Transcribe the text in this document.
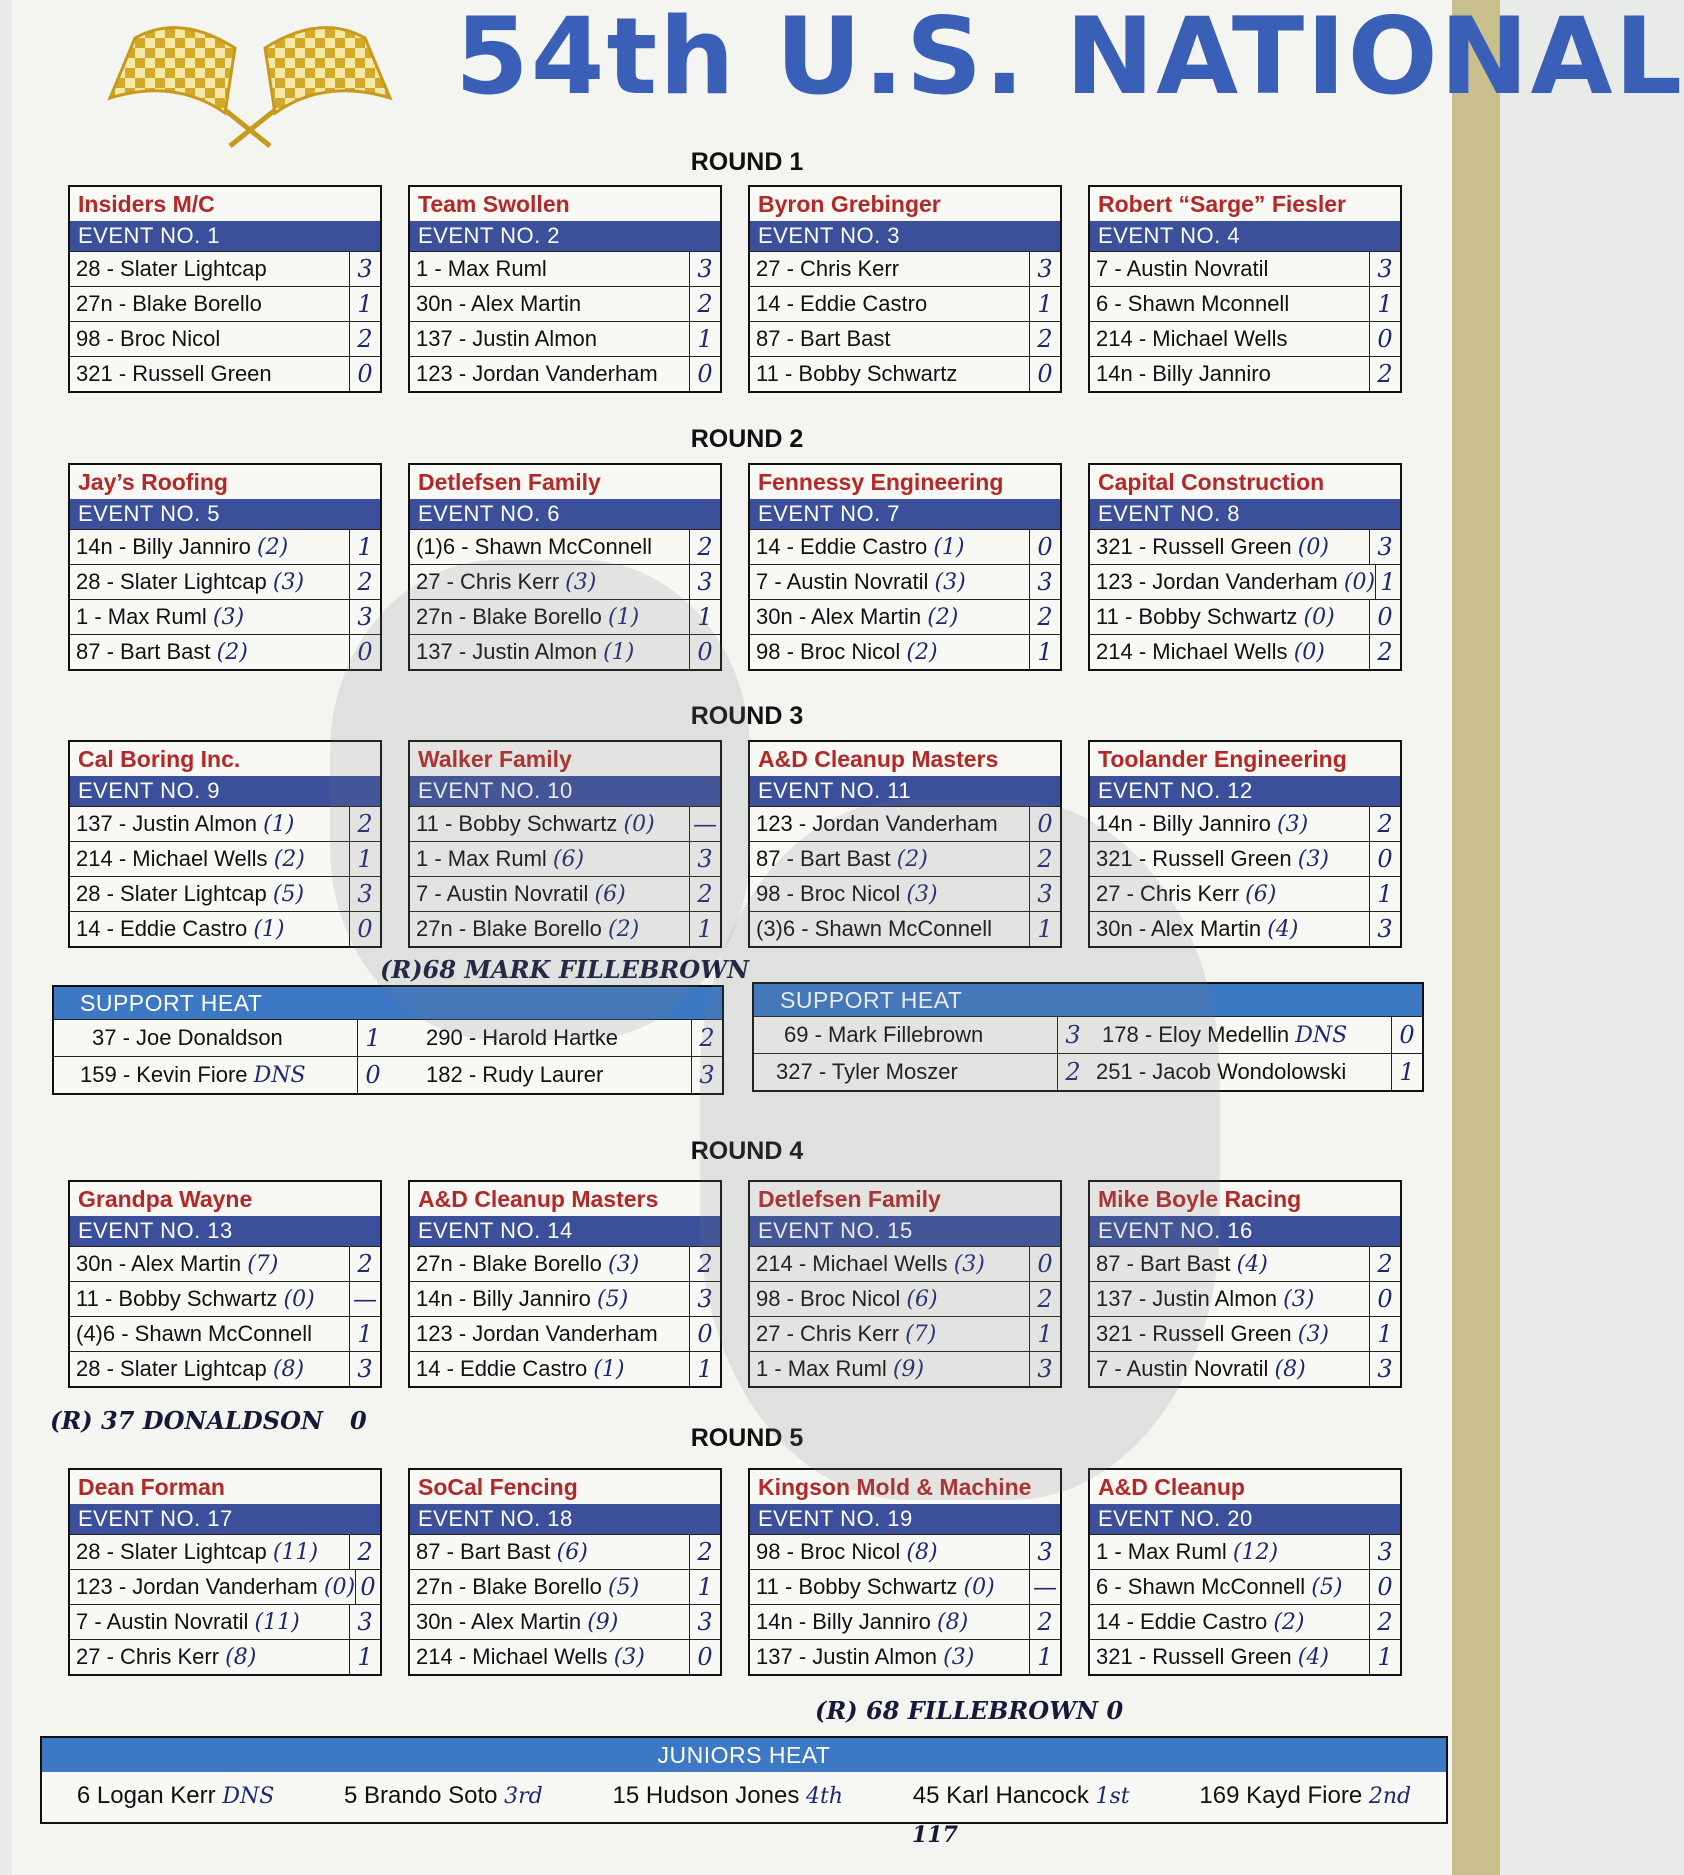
54th U.S. NATIONAL
ROUND 1
ROUND 2
ROUND 3
ROUND 4
ROUND 5
Insiders M/C
EVENT NO. 1
28 - Slater Lightcap	3
27n - Blake Borello	1
98 - Broc Nicol	2
321 - Russell Green	0
Team Swollen
EVENT NO. 2
1 - Max Ruml	3
30n - Alex Martin	2
137 - Justin Almon	1
123 - Jordan Vanderham	0
Byron Grebinger
EVENT NO. 3
27 - Chris Kerr	3
14 - Eddie Castro	1
87 - Bart Bast	2
11 - Bobby Schwartz	0
Robert “Sarge” Fiesler
EVENT NO. 4
7 - Austin Novratil	3
6 - Shawn Mconnell	1
214 - Michael Wells	0
14n - Billy Janniro	2
Jay’s Roofing
EVENT NO. 5
14n - Billy Janniro (2)	1
28 - Slater Lightcap (3)	2
1 - Max Ruml (3)	3
87 - Bart Bast (2)	0
Detlefsen Family
EVENT NO. 6
(1)6 - Shawn McConnell	2
27 - Chris Kerr (3)	3
27n - Blake Borello (1)	1
137 - Justin Almon (1)	0
Fennessy Engineering
EVENT NO. 7
14 - Eddie Castro (1)	0
7 - Austin Novratil (3)	3
30n - Alex Martin (2)	2
98 - Broc Nicol (2)	1
Capital Construction
EVENT NO. 8
321 - Russell Green (0)	3
123 - Jordan Vanderham (0) 1
11 - Bobby Schwartz (0)	0
214 - Michael Wells (0)	2
Cal Boring Inc.
EVENT NO. 9
137 - Justin Almon (1)	2
214 - Michael Wells (2)	1
28 - Slater Lightcap (5)	3
14 - Eddie Castro (1)	0
Walker Family
EVENT NO. 10
11 - Bobby Schwartz (0)	—
1 - Max Ruml (6)	3
7 - Austin Novratil (6)	2
27n - Blake Borello (2)	1
A&D Cleanup Masters
EVENT NO. 11
123 - Jordan Vanderham	0
87 - Bart Bast (2)	2
98 - Broc Nicol (3)	3
(3)6 - Shawn McConnell	1
Toolander Engineering
EVENT NO. 12
14n - Billy Janniro (3)	2
321 - Russell Green (3)	0
27 - Chris Kerr (6)	1
30n - Alex Martin (4)	3
Grandpa Wayne
EVENT NO. 13
30n - Alex Martin (7)	2
11 - Bobby Schwartz (0)	—
(4)6 - Shawn McConnell	1
28 - Slater Lightcap (8)	3
A&D Cleanup Masters
EVENT NO. 14
27n - Blake Borello (3)	2
14n - Billy Janniro (5)	3
123 - Jordan Vanderham	0
14 - Eddie Castro (1)	1
Detlefsen Family
EVENT NO. 15
214 - Michael Wells (3)	0
98 - Broc Nicol (6)	2
27 - Chris Kerr (7)	1
1 - Max Ruml (9)	3
Mike Boyle Racing
EVENT NO. 16
87 - Bart Bast (4)	2
137 - Justin Almon (3)	0
321 - Russell Green (3)	1
7 - Austin Novratil (8)	3
Dean Forman
EVENT NO. 17
28 - Slater Lightcap (11)	2
123 - Jordan Vanderham (0) 0
7 - Austin Novratil (11)	3
27 - Chris Kerr (8)	1
SoCal Fencing
EVENT NO. 18
87 - Bart Bast (6)	2
27n - Blake Borello (5)	1
30n - Alex Martin (9)	3
214 - Michael Wells (3)	0
Kingson Mold & Machine
EVENT NO. 19
98 - Broc Nicol (8)	3
11 - Bobby Schwartz (0)	—
14n - Billy Janniro (8)	2
137 - Justin Almon (3)	1
A&D Cleanup
EVENT NO. 20
1 - Max Ruml (12)	3
6 - Shawn McConnell (5)	0
14 - Eddie Castro (2)	2
321 - Russell Green (4)	1
SUPPORT HEAT
37 - Joe Donaldson	1	290 - Harold Hartke	2
159 - Kevin Fiore DNS	0	182 - Rudy Laurer	3
SUPPORT HEAT
69 - Mark Fillebrown	3 178 - Eloy Medellin DNS	0
327 - Tyler Moszer	2 251 - Jacob Wondolowski	1
(R)68 MARK FILLEBROWN
(R) 37 DONALDSON 0
(R) 68 FILLEBROWN 0
JUNIORS HEAT
6 Logan Kerr DNS	5 Brando Soto 3rd	15 Hudson Jones 4th	45 Karl Hancock 1st	169 Kayd Fiore 2nd
117
